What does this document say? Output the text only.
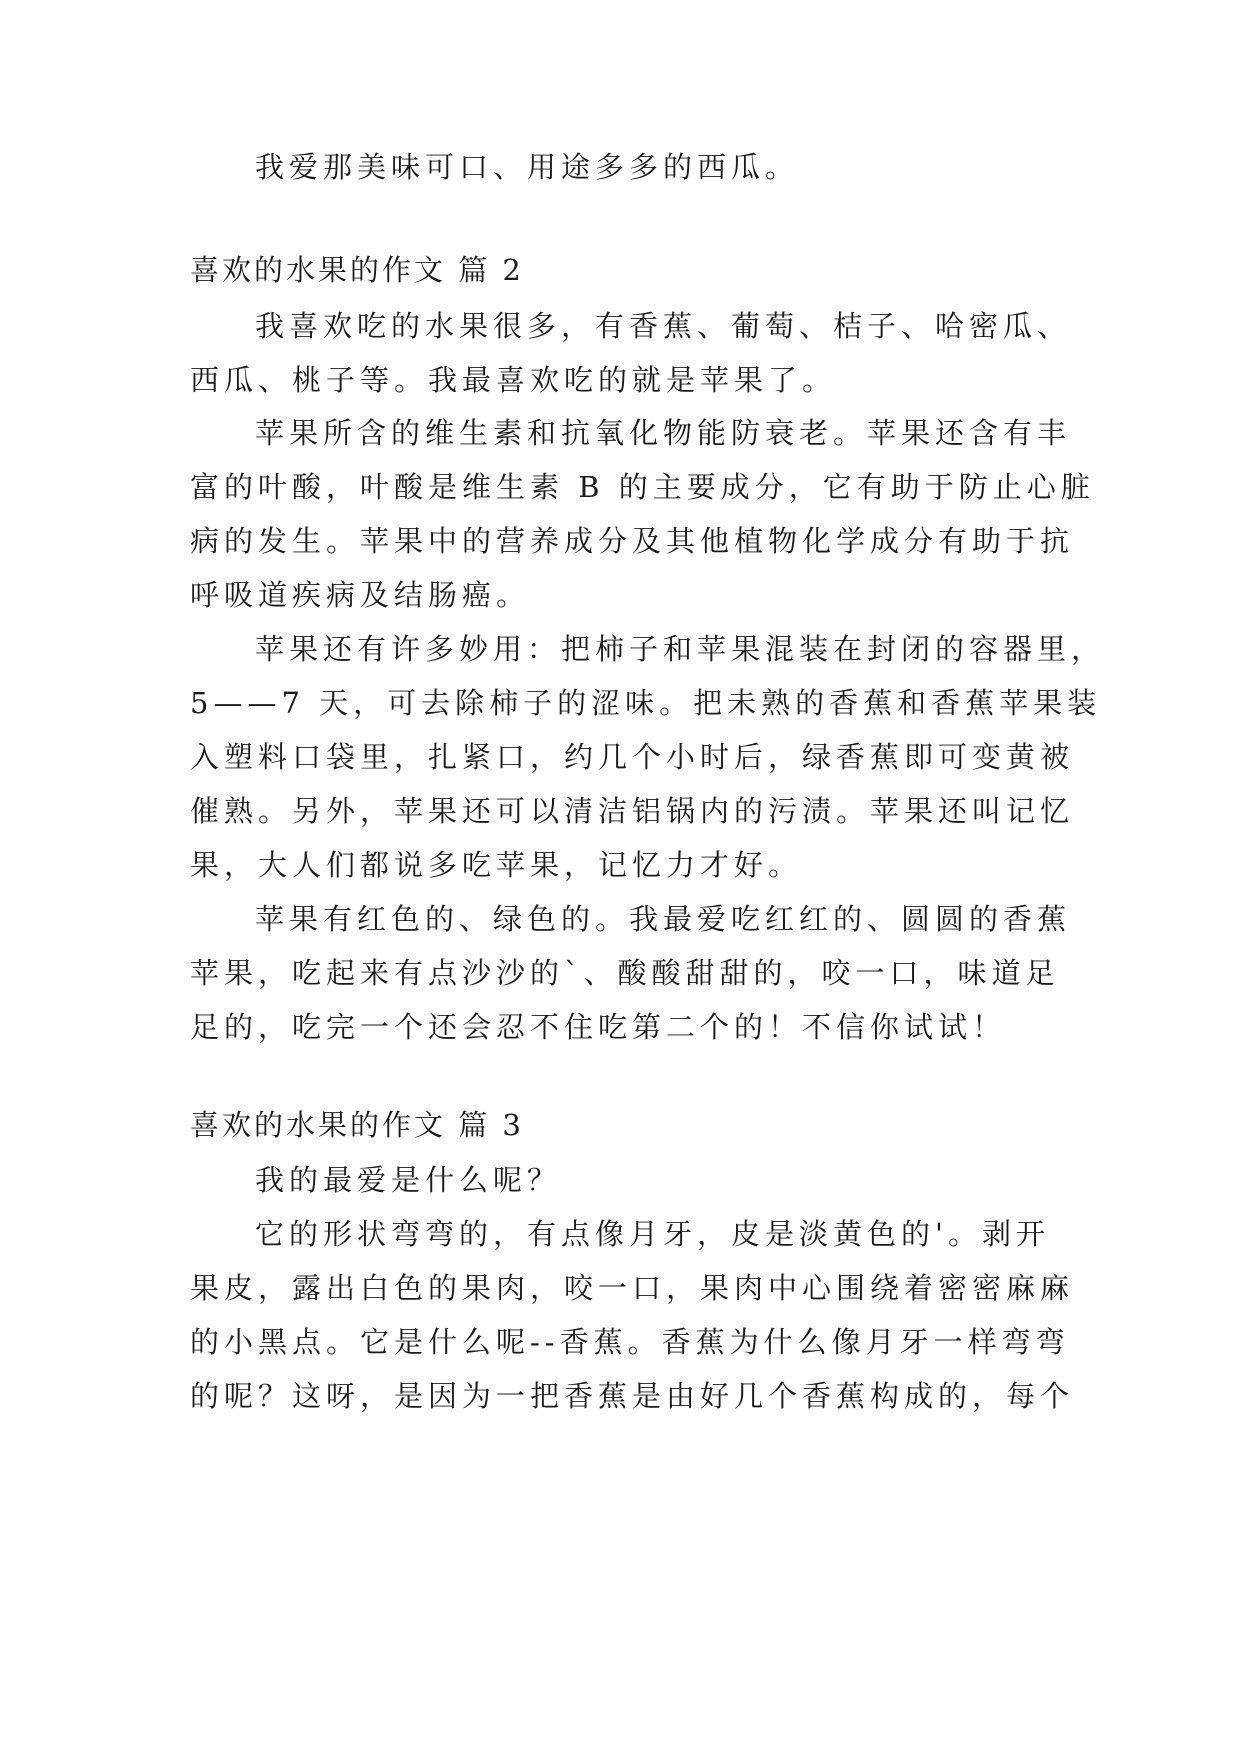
我爱那美味可口、用途多多的西瓜。
喜欢的水果的作文 篇 2
我喜欢吃的水果很多，有香蕉、葡萄、桔子、哈密瓜、
西瓜、桃子等。我最喜欢吃的就是苹果了。
苹果所含的维生素和抗氧化物能防衰老。苹果还含有丰
富的叶酸，叶酸是维生素 B 的主要成分，它有助于防止心脏
病的发生。苹果中的营养成分及其他植物化学成分有助于抗
呼吸道疾病及结肠癌。
苹果还有许多妙用：把柿子和苹果混装在封闭的容器里，
5——7 天，可去除柿子的涩味。把未熟的香蕉和香蕉苹果装
入塑料口袋里，扎紧口，约几个小时后，绿香蕉即可变黄被
催熟。另外，苹果还可以清洁铝锅内的污渍。苹果还叫记忆
果，大人们都说多吃苹果，记忆力才好。
苹果有红色的、绿色的。我最爱吃红红的、圆圆的香蕉
苹果，吃起来有点沙沙的`、酸酸甜甜的，咬一口，味道足
足的，吃完一个还会忍不住吃第二个的！不信你试试！
喜欢的水果的作文 篇 3
我的最爱是什么呢？
它的形状弯弯的，有点像月牙，皮是淡黄色的'。剥开
果皮，露出白色的果肉，咬一口，果肉中心围绕着密密麻麻
的小黑点。它是什么呢--香蕉。香蕉为什么像月牙一样弯弯
的呢？这呀，是因为一把香蕉是由好几个香蕉构成的，每个
